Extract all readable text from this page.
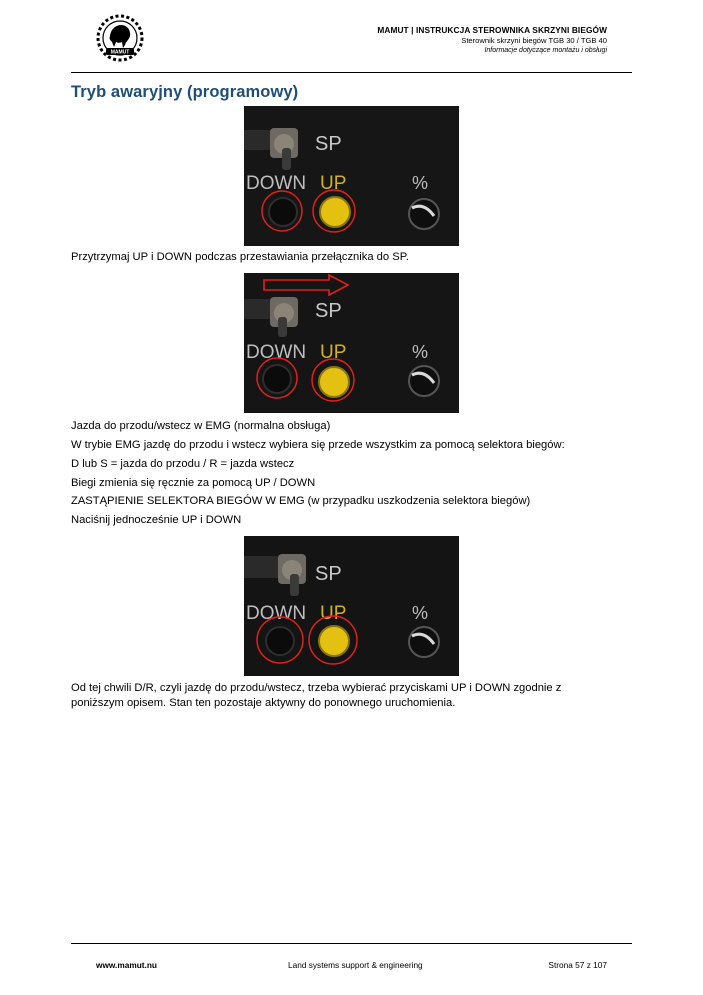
MAMUT
MAMUT | INSTRUKCJA STEROWNIKA SKRZYNI BIEGÓW
Sterownik skrzyni biegów TGB 30 / TGB 40
Informacje dotyczące montażu i obsługi
Tryb awaryjny (programowy)
SP
DOWN UP	%

Przytrzymaj UP i DOWN podczas przestawiania przełącznika do SP.

SP
DOWN UP	%

Jazda do przodu/wstecz w EMG (normalna obsługa)

W trybie EMG jazdę do przodu i wstecz wybiera się przede wszystkim za pomocą selektora biegów:

D lub S = jazda do przodu / R = jazda wstecz

Biegi zmienia się ręcznie za pomocą UP / DOWN

ZASTĄPIENIE SELEKTORA BIEGÓW W EMG (w przypadku uszkodzenia selektora biegów)

Naciśnij jednocześnie UP i DOWN

SP
DOWN UP	%

Od tej chwili D/R, czyli jazdę do przodu/wstecz, trzeba wybierać przyciskami UP i DOWN zgodnie z

poniższym opisem. Stan ten pozostaje aktywny do ponownego uruchomienia.

www.mamut.nu	Land systems support & engineering	Strona 57 z 107
